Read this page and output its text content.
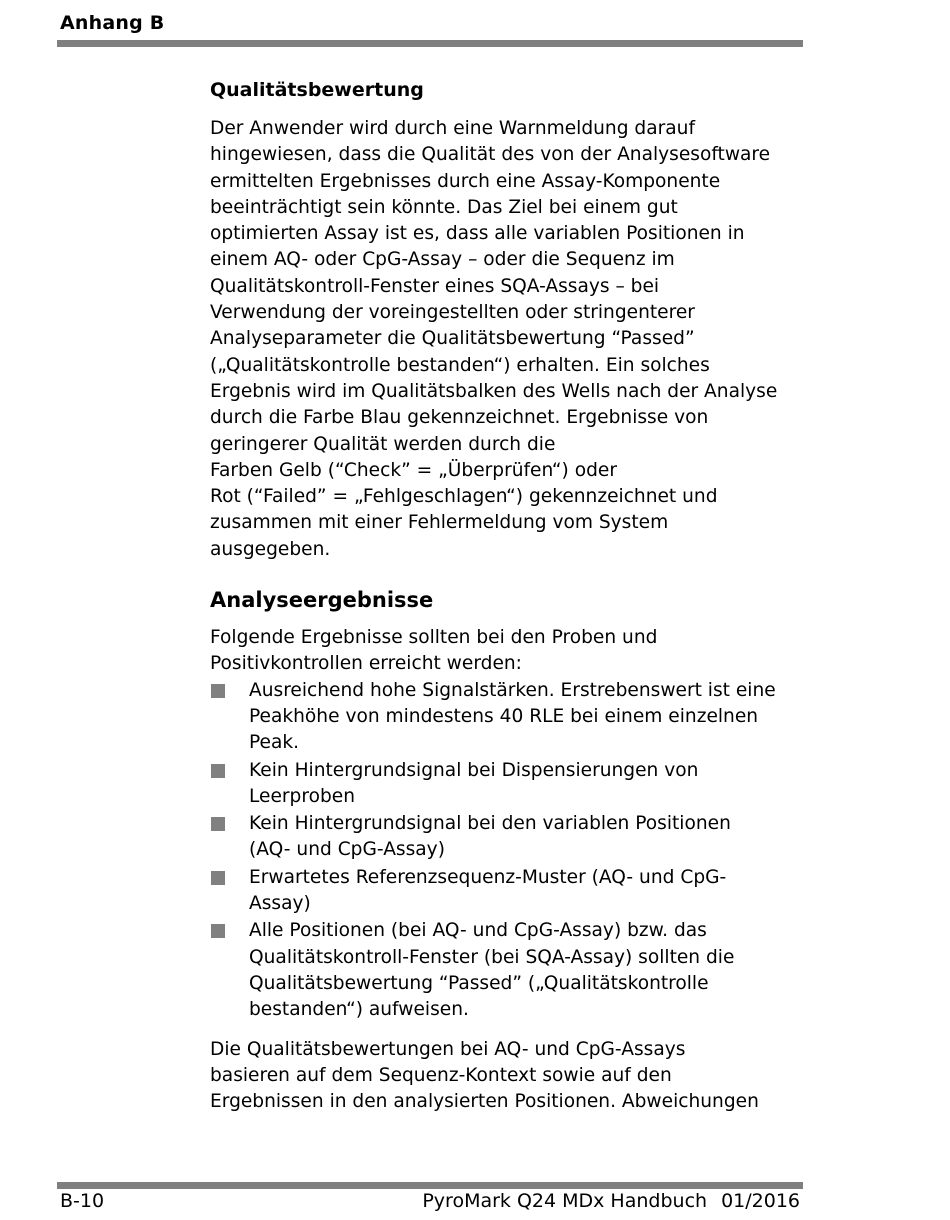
Anhang B
Qualitätsbewertung
Der Anwender wird durch eine Warnmeldung darauf
hingewiesen, dass die Qualität des von der Analysesoftware
ermittelten Ergebnisses durch eine Assay-Komponente
beeinträchtigt sein könnte. Das Ziel bei einem gut
optimierten Assay ist es, dass alle variablen Positionen in
einem AQ- oder CpG-Assay – oder die Sequenz im
Qualitätskontroll-Fenster eines SQA-Assays – bei
Verwendung der voreingestellten oder stringenterer
Analyseparameter die Qualitätsbewertung “Passed”
(„Qualitätskontrolle bestanden“) erhalten. Ein solches
Ergebnis wird im Qualitätsbalken des Wells nach der Analyse
durch die Farbe Blau gekennzeichnet. Ergebnisse von
geringerer Qualität werden durch die
Farben Gelb (“Check” = „Überprüfen“) oder
Rot (“Failed” = „Fehlgeschlagen“) gekennzeichnet und
zusammen mit einer Fehlermeldung vom System
ausgegeben.
Analyseergebnisse
Folgende Ergebnisse sollten bei den Proben und
Positivkontrollen erreicht werden:
Ausreichend hohe Signalstärken. Erstrebenswert ist eine
Peakhöhe von mindestens 40 RLE bei einem einzelnen
Peak.
Kein Hintergrundsignal bei Dispensierungen von
Leerproben
Kein Hintergrundsignal bei den variablen Positionen
(AQ- und CpG-Assay)
Erwartetes Referenzsequenz-Muster (AQ- und CpG-
Assay)
Alle Positionen (bei AQ- und CpG-Assay) bzw. das
Qualitätskontroll-Fenster (bei SQA-Assay) sollten die
Qualitätsbewertung “Passed” („Qualitätskontrolle
bestanden“) aufweisen.
Die Qualitätsbewertungen bei AQ- und CpG-Assays
basieren auf dem Sequenz-Kontext sowie auf den
Ergebnissen in den analysierten Positionen. Abweichungen
B-10	PyroMark Q24 MDx Handbuch 01/2016
